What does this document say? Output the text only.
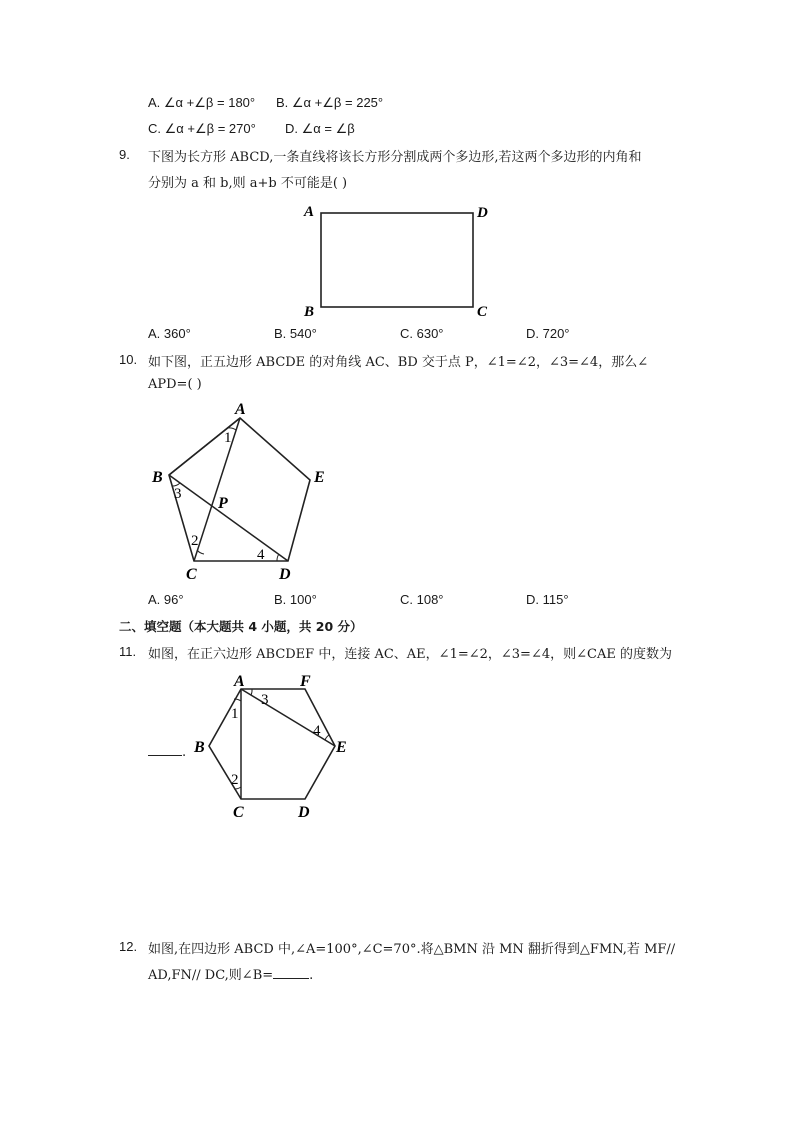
A. ∠α +∠β = 180° B. ∠α +∠β = 225°
C. ∠α +∠β = 270° D. ∠α = ∠β
9. 下图为长方形 ABCD,一条直线将该长方形分割成两个多边形,若这两个多边形的内角和
分别为 a 和 b,则 a+b 不可能是( )
A	D
B	C
A. 360°	B. 540°	C. 630°	D. 720°
10. 如下图，正五边形 ABCDE 的对角线 AC、BD 交于点 P，∠1=∠2，∠3=∠4，那么∠
APD=( )
A
E
B
C	D
P
1
2
3
4
A. 96°	B. 100°	C. 108°	D. 115°
二、填空题（本大题共 4 小题，共 20 分）
11. 如图，在正六边形 ABCDEF 中，连接 AC、AE，∠1=∠2，∠3=∠4，则∠CAE 的度数为
.
A	F
E
B
C	D
1
2
3
4
12. 如图,在四边形 ABCD 中,∠A=100°,∠C=70°.将△BMN 沿 MN 翻折得到△FMN,若 MF//
AD,FN// DC,则∠B=	.
